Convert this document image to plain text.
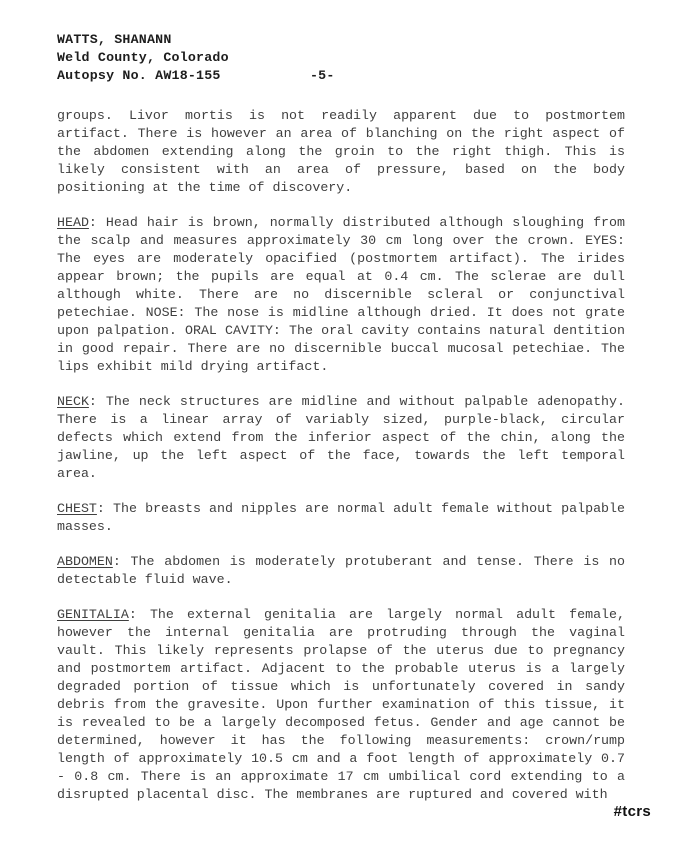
WATTS, SHANANN
Weld County, Colorado
Autopsy No. AW18-155	-5-

groups. Livor mortis is not readily apparent due to postmortem artifact. There is however an area of blanching on the right aspect of the abdomen extending along the groin to the right thigh. This is likely consistent with an area of pressure, based on the body positioning at the time of discovery.

HEAD: Head hair is brown, normally distributed although sloughing from the scalp and measures approximately 30 cm long over the crown. EYES: The eyes are moderately opacified (postmortem artifact). The irides appear brown; the pupils are equal at 0.4 cm. The sclerae are dull although white. There are no discernible scleral or conjunctival petechiae. NOSE: The nose is midline although dried. It does not grate upon palpation. ORAL CAVITY: The oral cavity contains natural dentition in good repair. There are no discernible buccal mucosal petechiae. The lips exhibit mild drying artifact.

NECK: The neck structures are midline and without palpable adenopathy. There is a linear array of variably sized, purple-black, circular defects which extend from the inferior aspect of the chin, along the jawline, up the left aspect of the face, towards the left temporal area.

CHEST: The breasts and nipples are normal adult female without palpable masses.

ABDOMEN: The abdomen is moderately protuberant and tense. There is no detectable fluid wave.

GENITALIA: The external genitalia are largely normal adult female, however the internal genitalia are protruding through the vaginal vault. This likely represents prolapse of the uterus due to pregnancy and postmortem artifact. Adjacent to the probable uterus is a largely degraded portion of tissue which is unfortunately covered in sandy debris from the gravesite. Upon further examination of this tissue, it is revealed to be a largely decomposed fetus. Gender and age cannot be determined, however it has the following measurements: crown/rump length of approximately 10.5 cm and a foot length of approximately 0.7 - 0.8 cm. There is an approximate 17 cm umbilical cord extending to a disrupted placental disc. The membranes are ruptured and covered with

#tcrs
